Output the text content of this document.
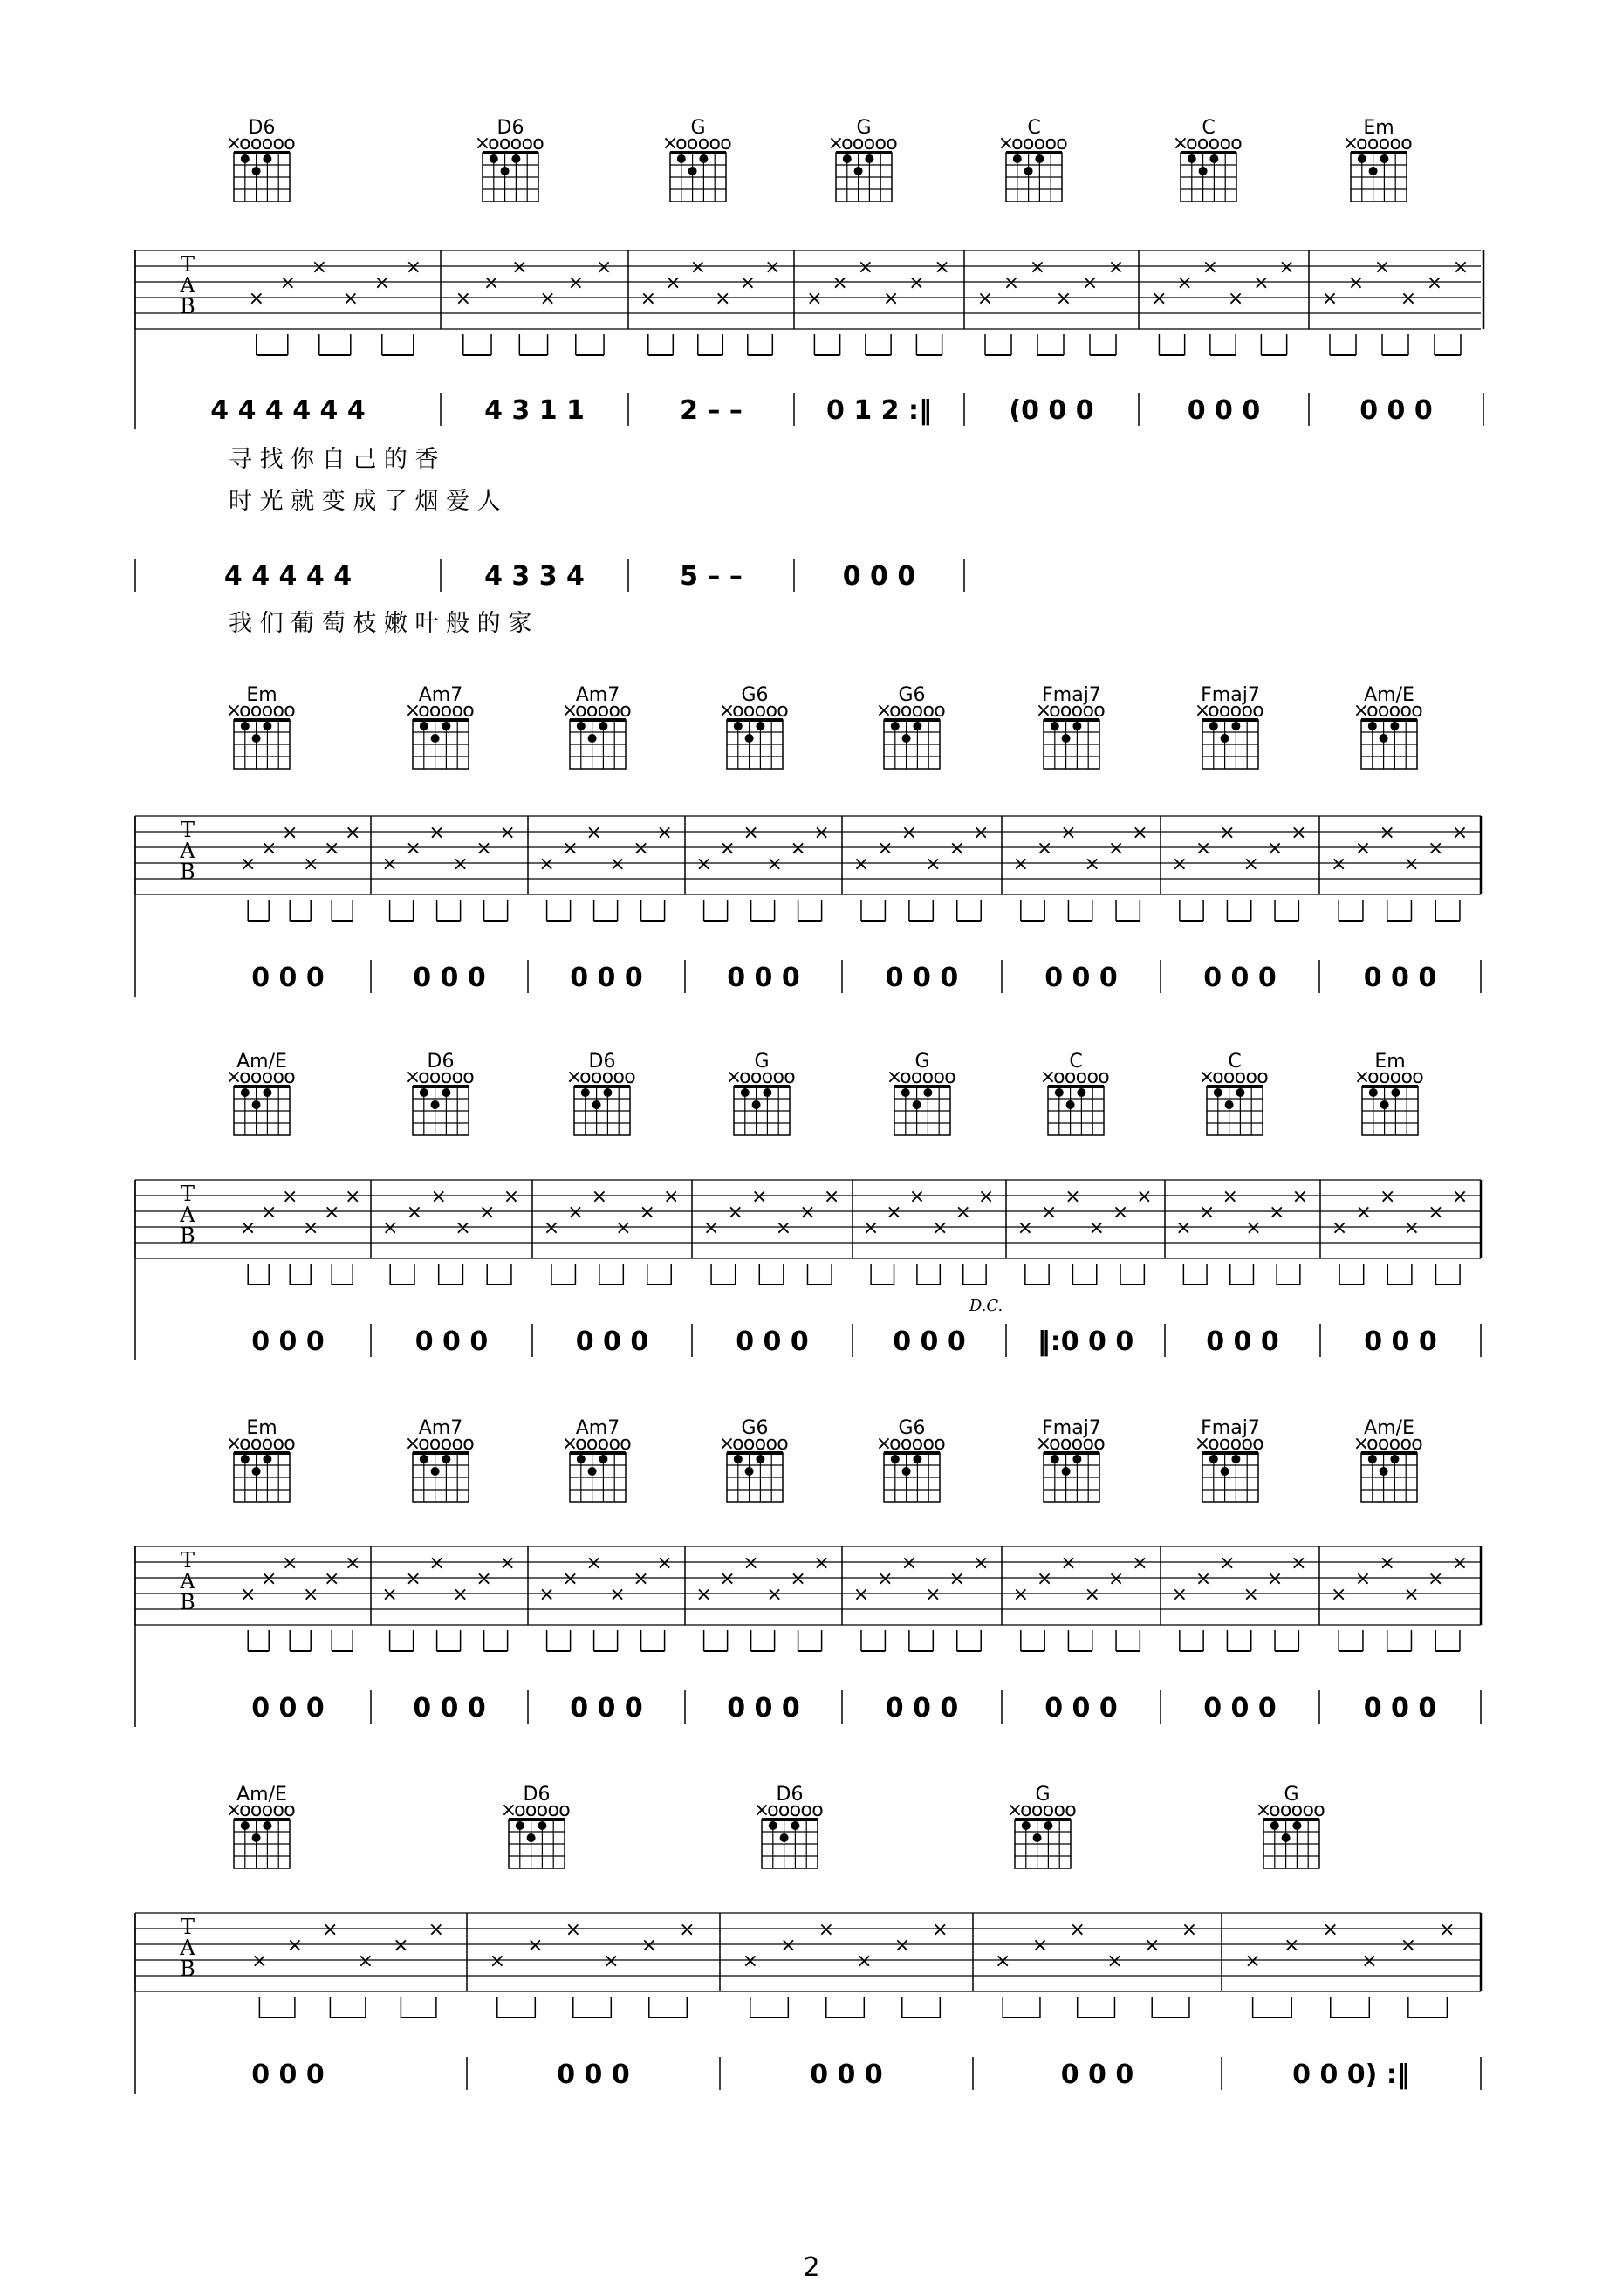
T
A
B	×
×
×
×
×
×
×
×
×
×
×
×
×
×
×
×
×
×
×
×
×
×
×
×
×
×
×
×
×
×
×
×
×
×
×
×
×
×
×
×
×
×
D6
×
o o o o o
D6
×
o o o o o
G
×
o o o o o
G
×
o o o o o
C
×
o o o o o
C
×
o o o o o
Em
×
o o o o o
4 4 4 4 4 4	4 3 1 1	2 – –	0 1 2 :‖	(0 0 0	0 0 0	0 0 0
4 4 4 4 4	4 3 3 4	5 – –	0 0 0
寻 找 你 自 己 的 香
时 光 就 变 成 了 烟 爱 人
我 们 葡 萄 枝 嫩 叶 般 的 家
T
A
B ×
×
×
×
×
×
×
×
×
×
×
×
×
×
×
×
×
×
×
×
×
×
×
×
×
×
×
×
×
×
×
×
×
×
×
×
×
×
×
×
×
×
×
×
×
×
×
×
Em
×
o o o o o
Am7
×
o o o o o
Am7
×
o o o o o
G6
×
o o o o o
G6
×
o o o o o
Fmaj7
×
o o o o o
Fmaj7
×
o o o o o
Am/E
×
o o o o o
0 0 0	0 0 0	0 0 0	0 0 0	0 0 0	0 0 0	0 0 0	0 0 0
T
A
B ×
×
×
×
×
×
×
×
×
×
×
×
×
×
×
×
×
×
×
×
×
×
×
×
×
×
×
×
×
×
×
×
×
×
×
×
×
×
×
×
×
×
×
×
×
×
×
×
Am/E
×
o o o o o
D6
×
o o o o o
D6
×
o o o o o
G
×
o o o o o
G
×
o o o o o
C
×
o o o o o
C
×
o o o o o
Em
×
o o o o o
0 0 0	0 0 0	0 0 0	0 0 0	0 0 0	‖:0 0 0	0 0 0	0 0 0
D.C.
T
A
B ×
×
×
×
×
×
×
×
×
×
×
×
×
×
×
×
×
×
×
×
×
×
×
×
×
×
×
×
×
×
×
×
×
×
×
×
×
×
×
×
×
×
×
×
×
×
×
×
Em
×
o o o o o
Am7
×
o o o o o
Am7
×
o o o o o
G6
×
o o o o o
G6
×
o o o o o
Fmaj7
×
o o o o o
Fmaj7
×
o o o o o
Am/E
×
o o o o o
0 0 0	0 0 0	0 0 0	0 0 0	0 0 0	0 0 0	0 0 0	0 0 0
T
A
B	×
×
×
×
×
×
×
×
×
×
×
×
×
×
×
×
×
×
×
×
×
×
×
×
×
×
×
×
×
×
Am/E
×
o o o o o
D6
×
o o o o o
D6
×
o o o o o
G
×
o o o o o
G
×
o o o o o
0 0 0	0 0 0	0 0 0	0 0 0	0 0 0) :‖
2
